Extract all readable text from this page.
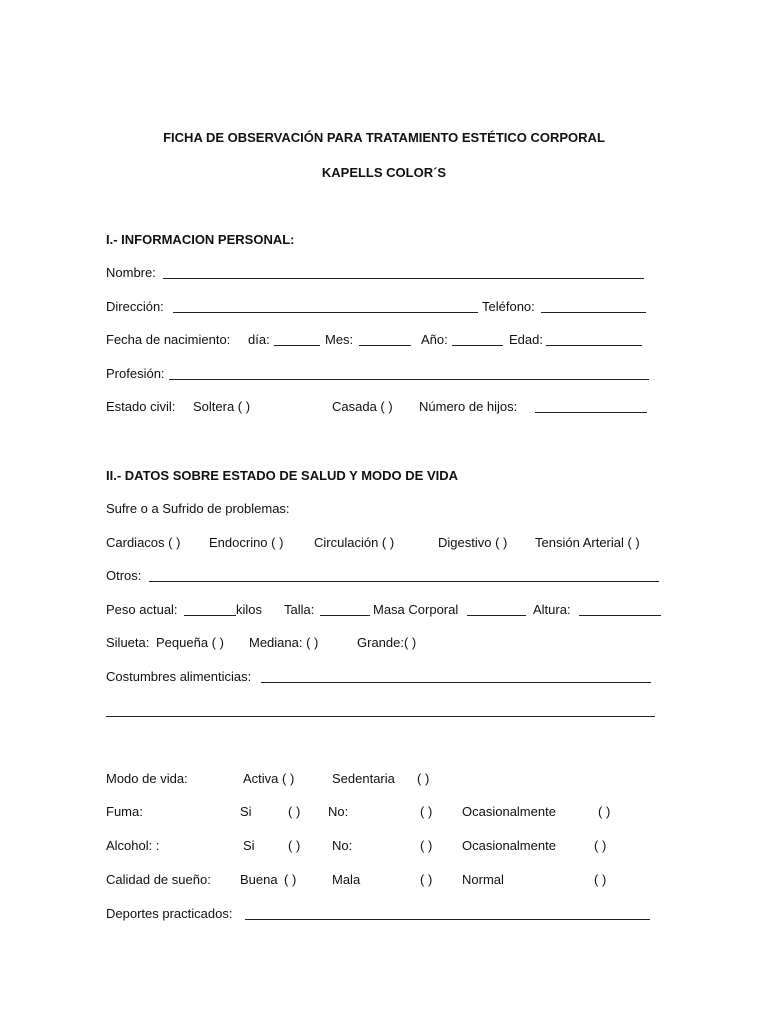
FICHA DE OBSERVACIÓN PARA TRATAMIENTO ESTÉTICO CORPORAL
KAPELLS COLOR´S
I.- INFORMACION PERSONAL:
Nombre:
Dirección:	Teléfono:
Fecha de nacimiento: día:	Mes:	Año:	Edad:
Profesión:
Estado civil: Soltera ( )	Casada ( ) Número de hijos:
II.- DATOS SOBRE ESTADO DE SALUD Y MODO DE VIDA
Sufre o a Sufrido de problemas:
Cardiacos ( ) Endocrino ( ) Circulación ( )	Digestivo ( ) Tensión Arterial ( )
Otros:
Peso actual:	kilos Talla:	Masa Corporal	Altura:
Silueta: Pequeña ( ) Mediana: ( )	Grande:( )
Costumbres alimenticias:
Modo de vida:	Activa ( )	Sedentaria ( )
Fuma:	Si	( ) No:	( ) Ocasionalmente	( )
Alcohol: :	Si	( ) No:	( ) Ocasionalmente	( )
Calidad de sueño: Buena ( )	Mala	( ) Normal	( )
Deportes practicados:
